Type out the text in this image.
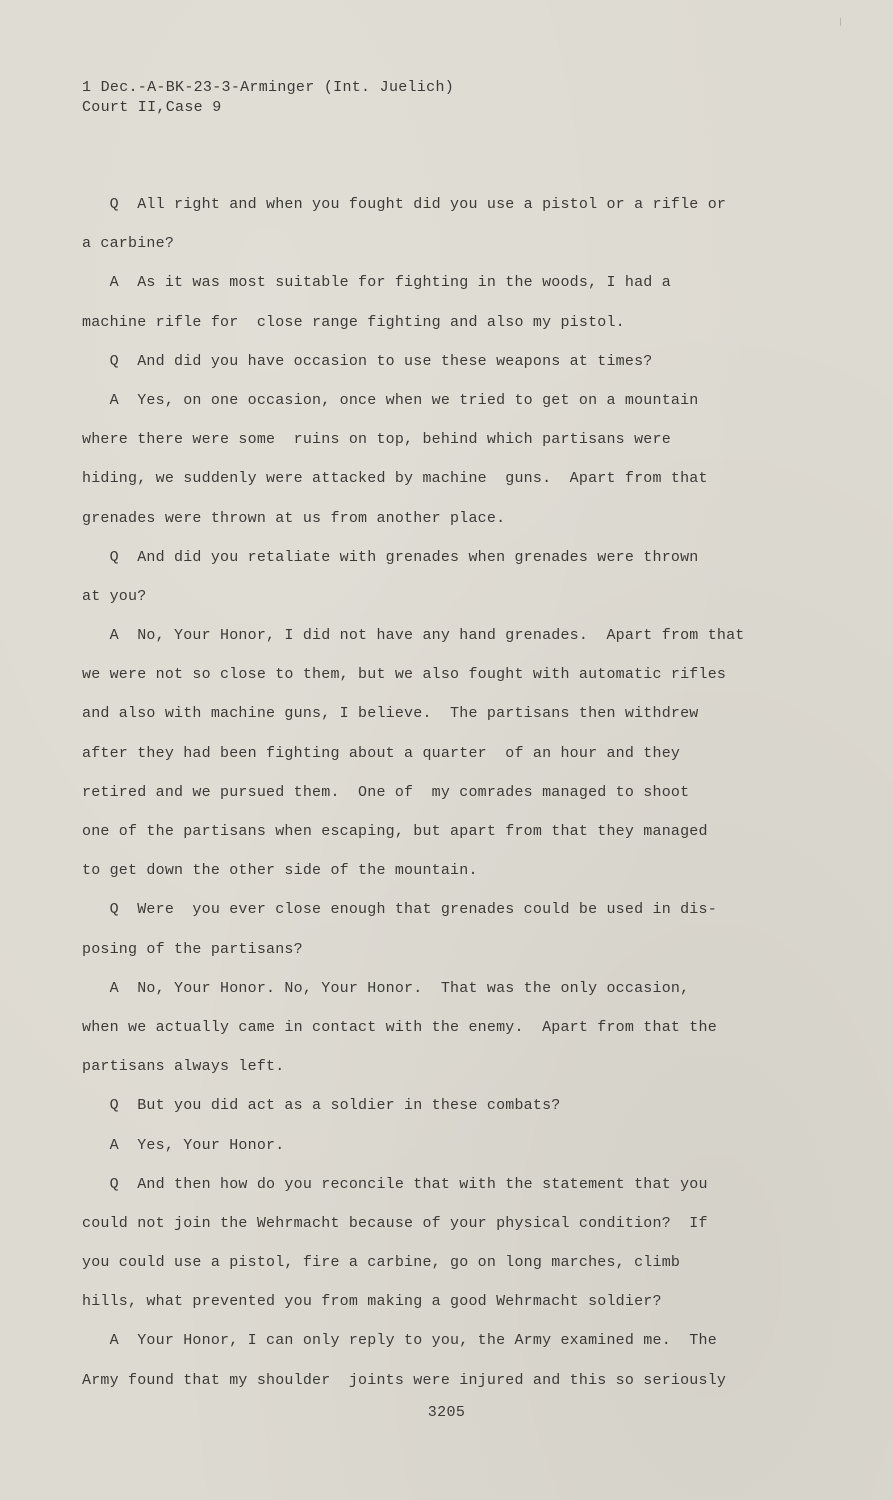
1 Dec.-A-BK-23-3-Arminger (Int. Juelich)
Court II,Case 9
Q  All right and when you fought did you use a pistol or a rifle or
a carbine?
A  As it was most suitable for fighting in the woods, I had a
machine rifle for  close range fighting and also my pistol.
Q  And did you have occasion to use these weapons at times?
A  Yes, on one occasion, once when we tried to get on a mountain
where there were some  ruins on top, behind which partisans were
hiding, we suddenly were attacked by machine  guns.  Apart from that
grenades were thrown at us from another place.
Q  And did you retaliate with grenades when grenades were thrown
at you?
A  No, Your Honor, I did not have any hand grenades.  Apart from that
we were not so close to them, but we also fought with automatic rifles
and also with machine guns, I believe.  The partisans then withdrew
after they had been fighting about a quarter  of an hour and they
retired and we pursued them.  One of  my comrades managed to shoot
one of the partisans when escaping, but apart from that they managed
to get down the other side of the mountain.
Q  Were  you ever close enough that grenades could be used in dis-
posing of the partisans?
A  No, Your Honor. No, Your Honor.  That was the only occasion,
when we actually came in contact with the enemy.  Apart from that the
partisans always left.
Q  But you did act as a soldier in these combats?
A  Yes, Your Honor.
Q  And then how do you reconcile that with the statement that you
could not join the Wehrmacht because of your physical condition?  If
you could use a pistol, fire a carbine, go on long marches, climb
hills, what prevented you from making a good Wehrmacht soldier?
A  Your Honor, I can only reply to you, the Army examined me.  The
Army found that my shoulder  joints were injured and this so seriously
3205
